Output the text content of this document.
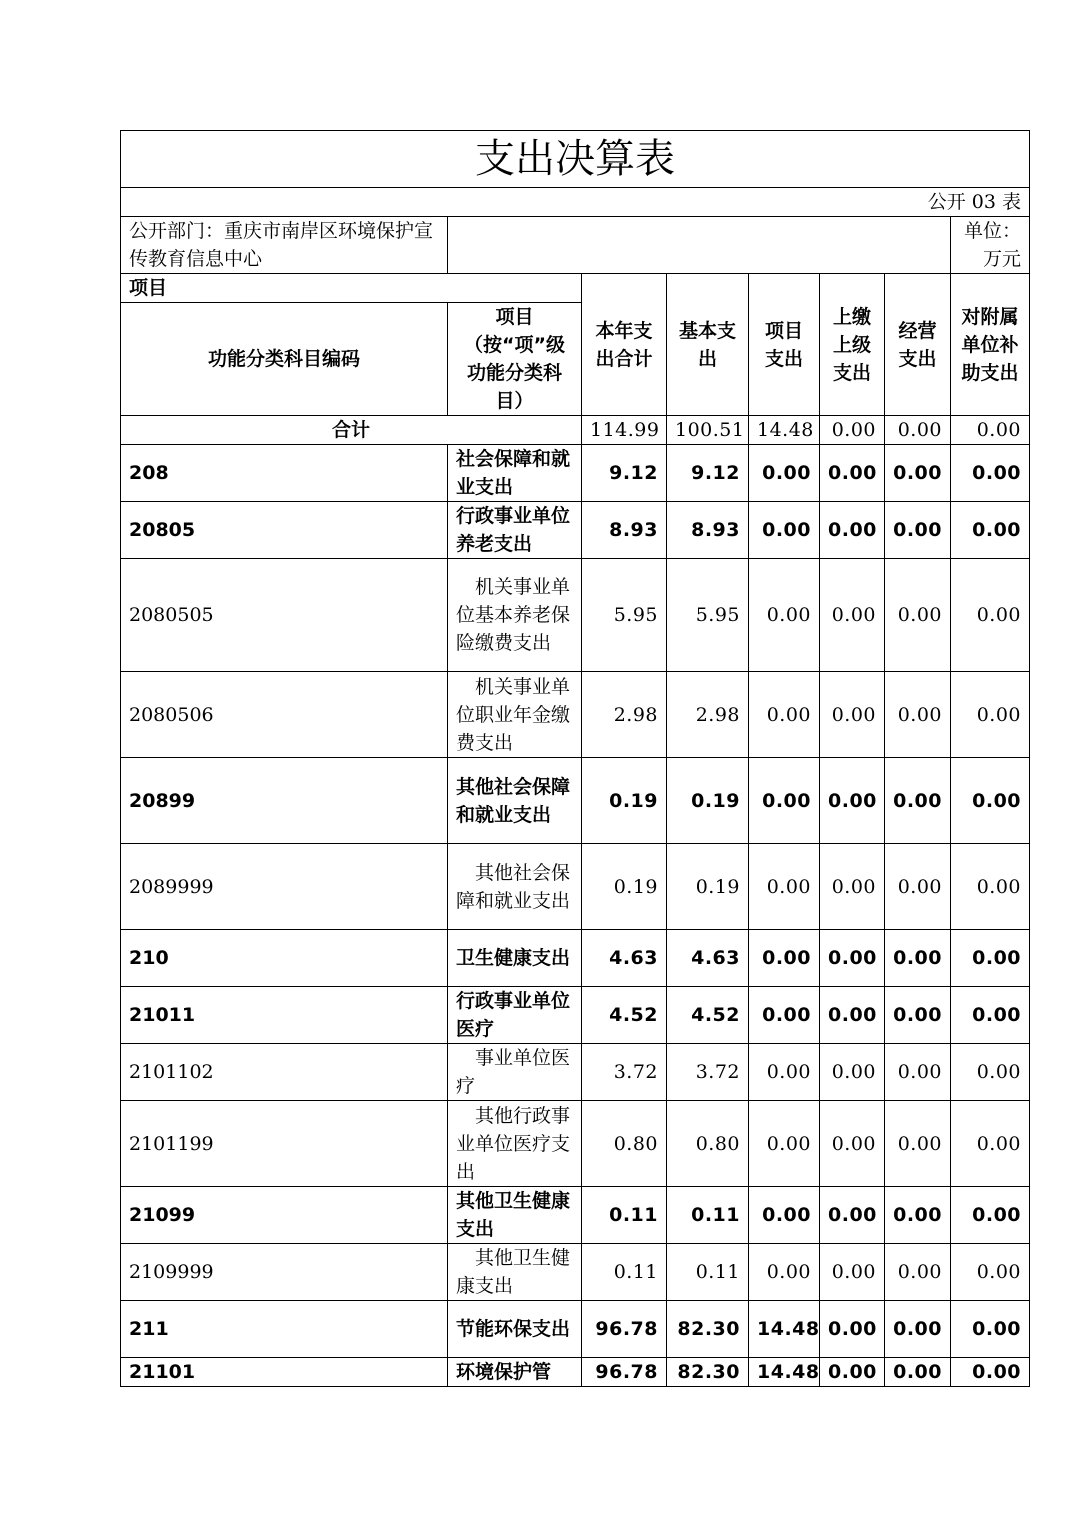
支出决算表							
公开 03 表							
公开部门：重庆市南岸区环境保护宣传教育信息中心							单位：万元
项目		本年支出合计	基本支出	项目支出	上缴上级支出	经营支出	对附属单位补助支出
功能分类科目编码	项目（按“项”级功能分类科目）						
合计		114.99	100.51	14.48	0.00	0.00	0.00
208	社会保障和就业支出	9.12	9.12	0.00	0.00	0.00	0.00
20805	行政事业单位养老支出	8.93	8.93	0.00	0.00	0.00	0.00
2080505	机关事业单位基本养老保险缴费支出	5.95	5.95	0.00	0.00	0.00	0.00
2080506	机关事业单位职业年金缴费支出	2.98	2.98	0.00	0.00	0.00	0.00
20899	其他社会保障和就业支出	0.19	0.19	0.00	0.00	0.00	0.00
2089999	其他社会保障和就业支出	0.19	0.19	0.00	0.00	0.00	0.00
210	卫生健康支出	4.63	4.63	0.00	0.00	0.00	0.00
21011	行政事业单位医疗	4.52	4.52	0.00	0.00	0.00	0.00
2101102	事业单位医疗	3.72	3.72	0.00	0.00	0.00	0.00
2101199	其他行政事业单位医疗支出	0.80	0.80	0.00	0.00	0.00	0.00
21099	其他卫生健康支出	0.11	0.11	0.00	0.00	0.00	0.00
2109999	其他卫生健康支出	0.11	0.11	0.00	0.00	0.00	0.00
211	节能环保支出	96.78	82.30	14.48	0.00	0.00	0.00
21101	环境保护管	96.78	82.30	14.48	0.00	0.00	0.00
